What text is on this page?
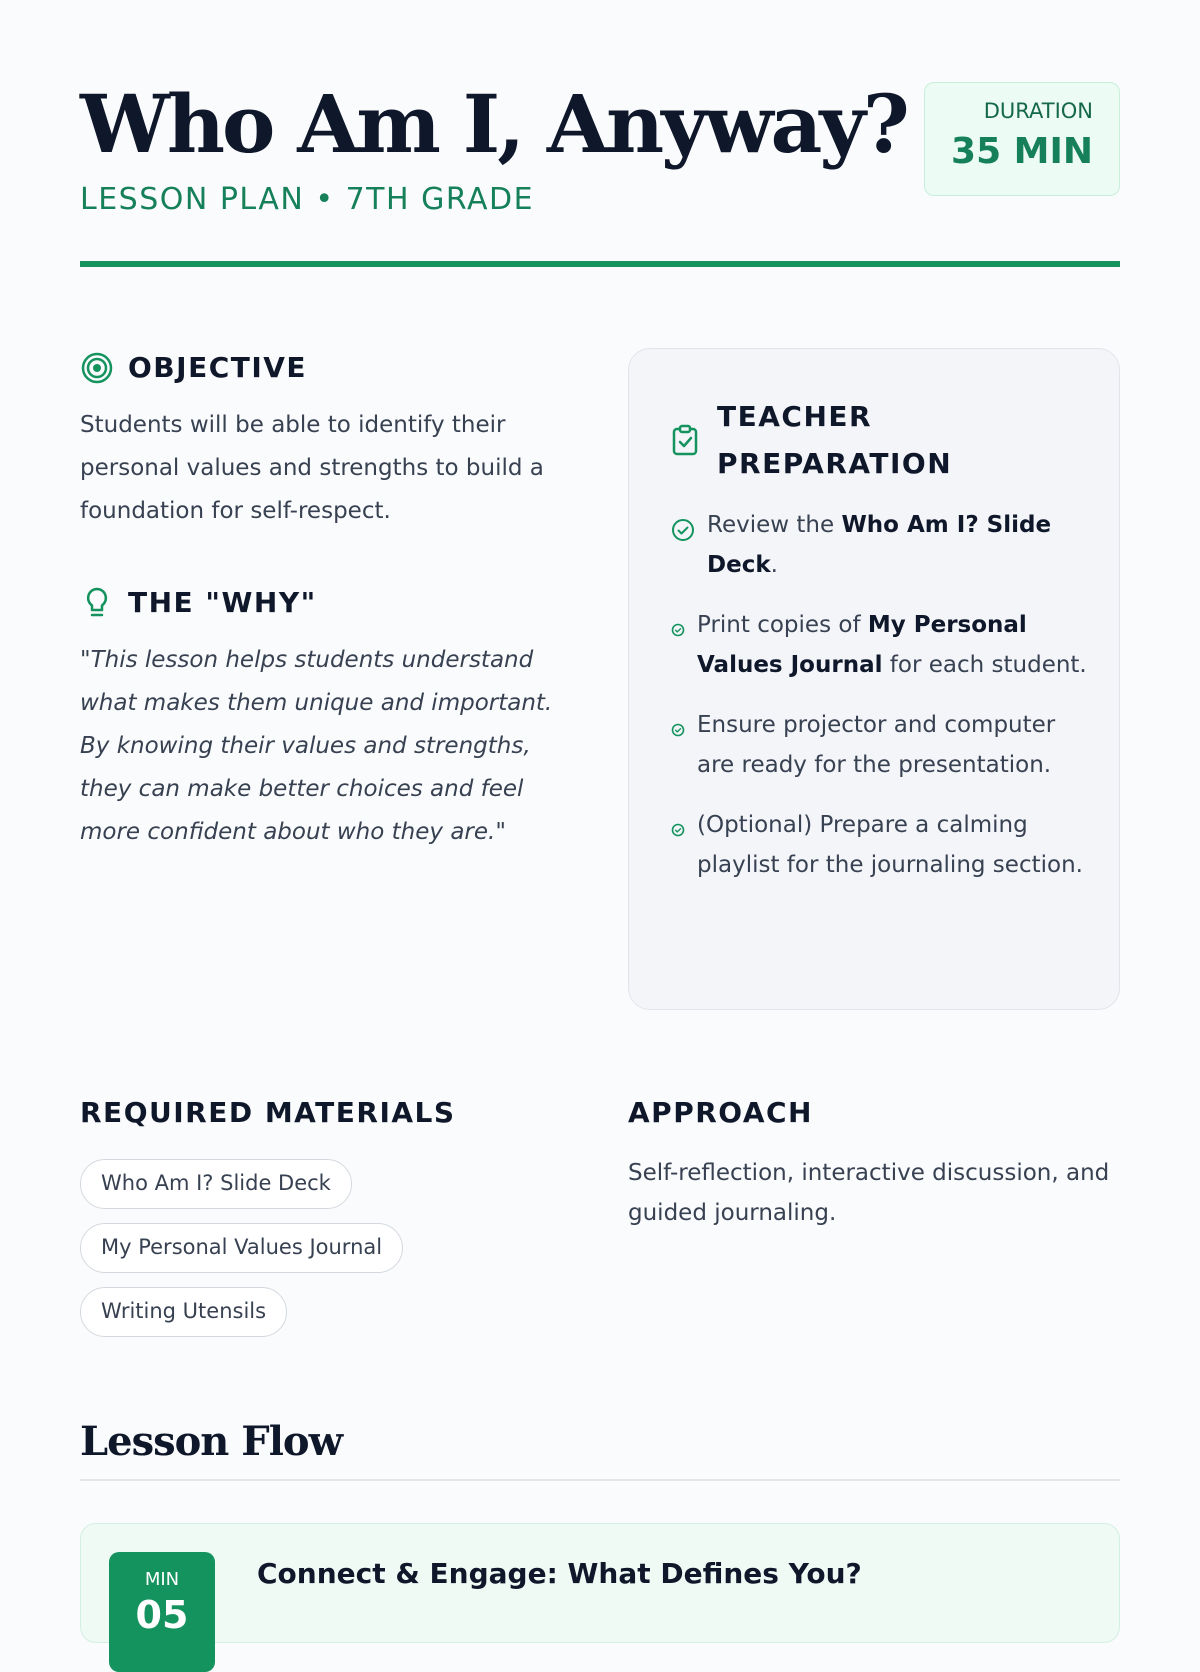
Who Am I, Anyway?
LESSON PLAN • 7TH GRADE
DURATION
35 MIN
OBJECTIVE

Students will be able to identify their personal values and strengths to build a foundation for self-respect.

THE "WHY"

"This lesson helps students understand what makes them unique and important. By knowing their values and strengths, they can make better choices and feel more confident about who they are."

TEACHER PREPARATION
Review the Who Am I? Slide Deck.
Print copies of My Personal Values Journal for each student.
Ensure projector and computer are ready for the presentation.
(Optional) Prepare a calming playlist for the journaling section.
REQUIRED MATERIALS
Who Am I? Slide Deck
My Personal Values Journal
Writing Utensils
APPROACH

Self-reflection, interactive discussion, and guided journaling.

Lesson Flow
MIN
05
Connect & Engage: What Defines You?
